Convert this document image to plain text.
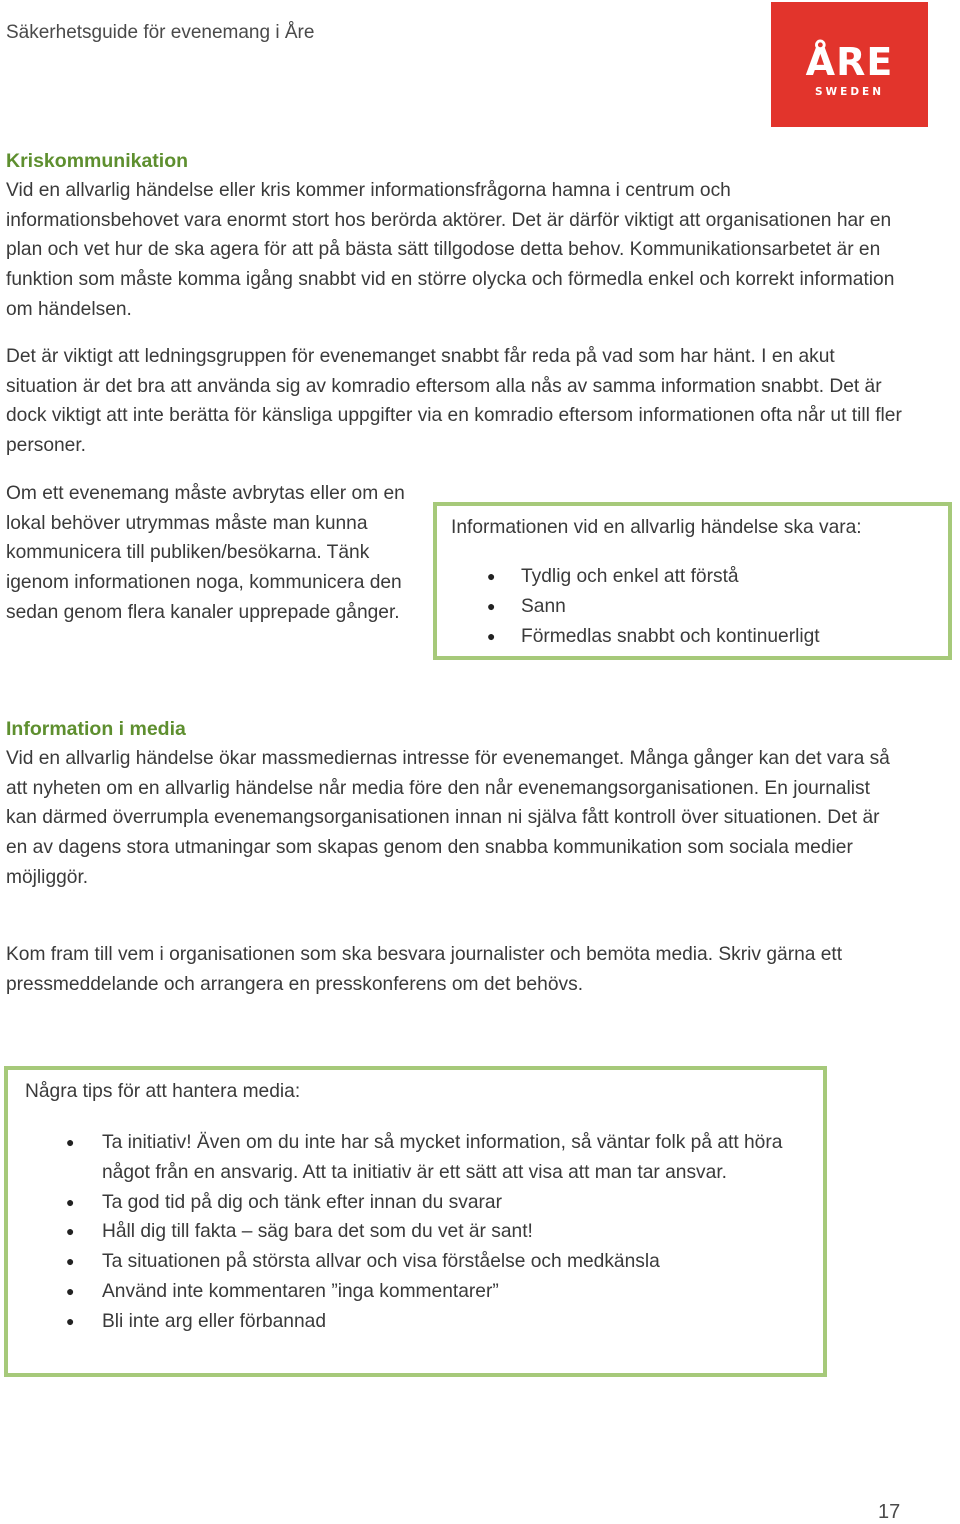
Säkerhetsguide för evenemang i Åre
ÅRE
SWEDEN
Kriskommunikation

Vid en allvarlig händelse eller kris kommer informationsfrågorna hamna i centrum och informationsbehovet vara enormt stort hos berörda aktörer. Det är därför viktigt att organisationen har en plan och vet hur de ska agera för att på bästa sätt tillgodose detta behov. Kommunikationsarbetet är en funktion som måste komma igång snabbt vid en större olycka och förmedla enkel och korrekt information om händelsen.

Det är viktigt att ledningsgruppen för evenemanget snabbt får reda på vad som har hänt. I en akut situation är det bra att använda sig av komradio eftersom alla nås av samma information snabbt. Det är dock viktigt att inte berätta för känsliga uppgifter via en komradio eftersom informationen ofta når ut till fler personer.

Om ett evenemang måste avbrytas eller om en lokal behöver utrymmas måste man kunna kommunicera till publiken/besökarna. Tänk igenom informationen noga, kommunicera den sedan genom flera kanaler upprepade gånger.

Informationen vid en allvarlig händelse ska vara:
● Tydlig och enkel att förstå
● Sann
● Förmedlas snabbt och kontinuerligt
Information i media

Vid en allvarlig händelse ökar massmediernas intresse för evenemanget. Många gånger kan det vara så att nyheten om en allvarlig händelse når media före den når evenemangsorganisationen. En journalist kan därmed överrumpla evenemangsorganisationen innan ni själva fått kontroll över situationen. Det är en av dagens stora utmaningar som skapas genom den snabba kommunikation som sociala medier möjliggör.

Kom fram till vem i organisationen som ska besvara journalister och bemöta media. Skriv gärna ett pressmeddelande och arrangera en presskonferens om det behövs.

Några tips för att hantera media:
● Ta initiativ! Även om du inte har så mycket information, så väntar folk på att höra något från en ansvarig. Att ta initiativ är ett sätt att visa att man tar ansvar.
● Ta god tid på dig och tänk efter innan du svarar
● Håll dig till fakta – säg bara det som du vet är sant!
● Ta situationen på största allvar och visa förståelse och medkänsla
● Använd inte kommentaren ”inga kommentarer”
● Bli inte arg eller förbannad
17
